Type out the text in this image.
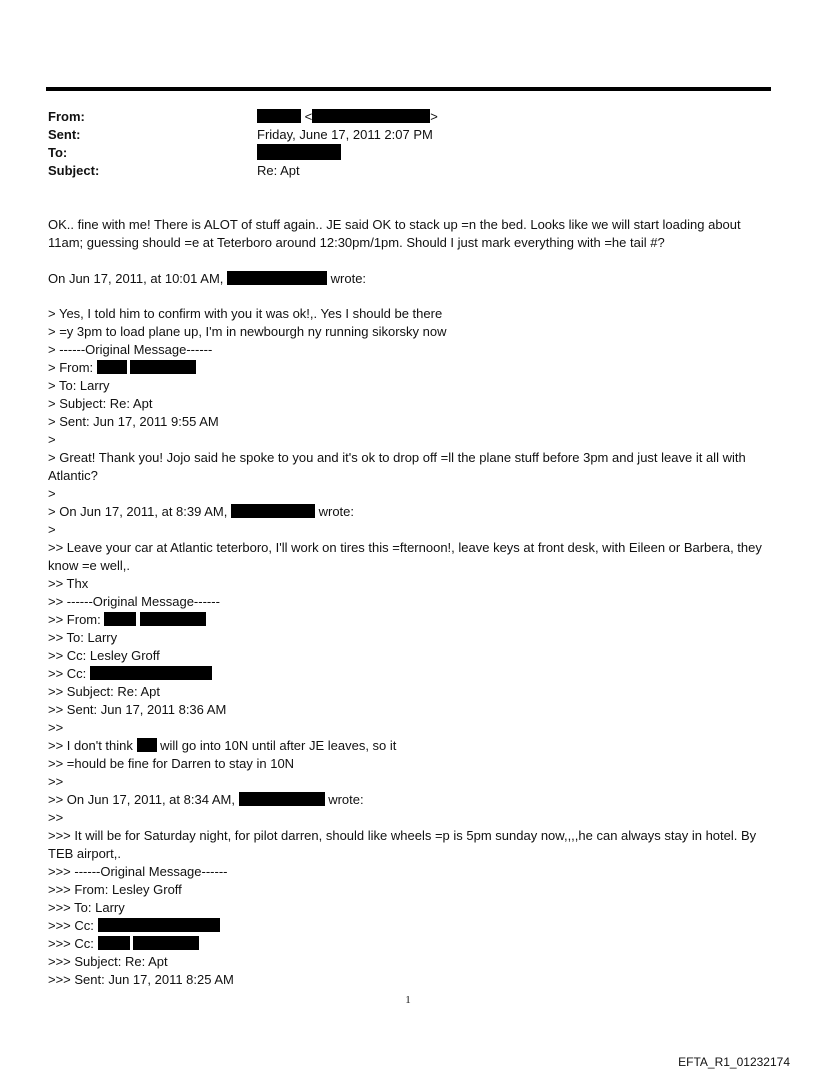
From:	<	>
Sent:	Friday, June 17, 2011 2:07 PM
To:
Subject:	Re: Apt
OK.. fine with me! There is ALOT of stuff again.. JE said OK to stack up =n the bed. Looks like we will start loading about 11am; guessing should =e at Teterboro around 12:30pm/1pm. Should I just mark everything with =he tail #?
On Jun 17, 2011, at 10:01 AM,	wrote:
> Yes, I told him to confirm with you it was ok!,. Yes I should be there
> =y 3pm to load plane up, I'm in newbourgh ny running sikorsky now
> ------Original Message------
> From:
> To: Larry
> Subject: Re: Apt
> Sent: Jun 17, 2011 9:55 AM
>
> Great! Thank you! Jojo said he spoke to you and it's ok to drop off =ll the plane stuff before 3pm and just leave it all with Atlantic?
>
> On Jun 17, 2011, at 8:39 AM,	wrote:
>
>> Leave your car at Atlantic teterboro, I'll work on tires this =fternoon!, leave keys at front desk, with Eileen or Barbera, they know =e well,.
>> Thx
>> ------Original Message------
>> From:
>> To: Larry
>> Cc: Lesley Groff
>> Cc:
>> Subject: Re: Apt
>> Sent: Jun 17, 2011 8:36 AM
>>
>> I don't think will go into 10N until after JE leaves, so it
>> =hould be fine for Darren to stay in 10N
>>
>> On Jun 17, 2011, at 8:34 AM,	wrote:
>>
>>> It will be for Saturday night, for pilot darren, should like wheels =p is 5pm sunday now,,,,he can always stay in hotel. By TEB airport,.
>>> ------Original Message------
>>> From: Lesley Groff
>>> To: Larry
>>> Cc:
>>> Cc:
>>> Subject: Re: Apt
>>> Sent: Jun 17, 2011 8:25 AM
1
EFTA_R1_01232174
